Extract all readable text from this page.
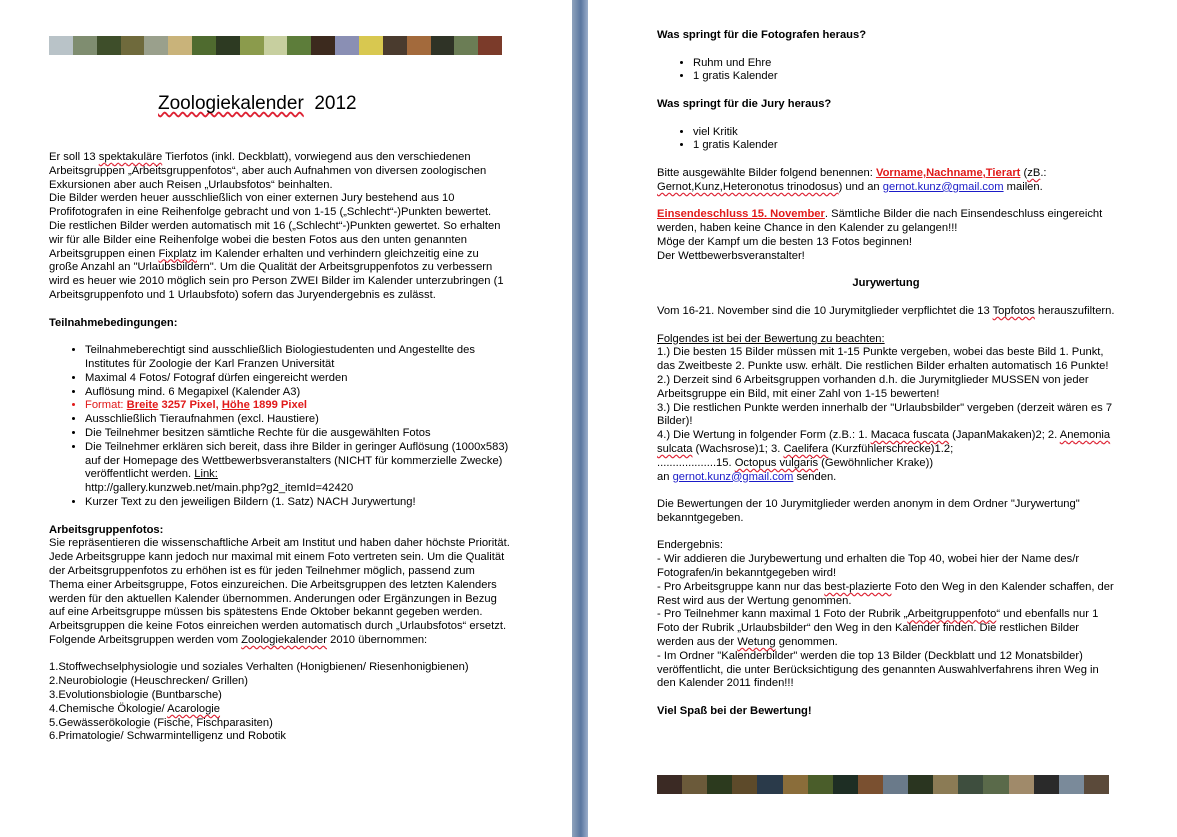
Zoologiekalender 2012

Er soll 13 spektakuläre Tierfotos (inkl. Deckblatt), vorwiegend aus den verschiedenen Arbeitsgruppen „Arbeitsgruppenfotos“, aber auch Aufnahmen von diversen zoologischen Exkursionen aber auch Reisen „Urlaubsfotos“ beinhalten.

Die Bilder werden heuer ausschließlich von einer externen Jury bestehend aus 10 Profifotografen in eine Reihenfolge gebracht und von 1-15 („Schlecht“-)Punkten bewertet. Die restlichen Bilder werden automatisch mit 16 („Schlecht“-)Punkten gewertet. So erhalten wir für alle Bilder eine Reihenfolge wobei die besten Fotos aus den unten genannten Arbeitsgruppen einen Fixplatz im Kalender erhalten und verhindern gleichzeitig eine zu große Anzahl an "Urlaubsbildern". Um die Qualität der Arbeitsgruppenfotos zu verbessern wird es heuer wie 2010 möglich sein pro Person ZWEI Bilder im Kalender unterzubringen (1 Arbeitsgruppenfoto und 1 Urlaubsfoto) sofern das Juryendergebnis es zulässt.

Teilnahmebedingungen:

• Teilnahmeberechtigt sind ausschließlich Biologiestudenten und Angestellte des Institutes für Zoologie der Karl Franzen Universität
• Maximal 4 Fotos/ Fotograf dürfen eingereicht werden
• Auflösung mind. 6 Megapixel (Kalender A3)
• Format: Breite 3257 Pixel, Höhe 1899 Pixel
• Ausschließlich Tieraufnahmen (excl. Haustiere)
• Die Teilnehmer besitzen sämtliche Rechte für die ausgewählten Fotos
• Die Teilnehmer erklären sich bereit, dass ihre Bilder in geringer Auflösung (1000x583) auf der Homepage des Wettbewerbsveranstalters (NICHT für kommerzielle Zwecke) veröffentlicht werden. Link:
http://gallery.kunzweb.net/main.php?g2_itemId=42420
• Kurzer Text zu den jeweiligen Bildern (1. Satz) NACH Jurywertung!

Arbeitsgruppenfotos:

Sie repräsentieren die wissenschaftliche Arbeit am Institut und haben daher höchste Priorität. Jede Arbeitsgruppe kann jedoch nur maximal mit einem Foto vertreten sein. Um die Qualität der Arbeitsgruppenfotos zu erhöhen ist es für jeden Teilnehmer möglich, passend zum Thema einer Arbeitsgruppe, Fotos einzureichen. Die Arbeitsgruppen des letzten Kalenders werden für den aktuellen Kalender übernommen. Anderungen oder Ergänzungen in Bezug auf eine Arbeitsgruppe müssen bis spätestens Ende Oktober bekannt gegeben werden. Arbeitsgruppen die keine Fotos einreichen werden automatisch durch „Urlaubsfotos“ ersetzt. Folgende Arbeitsgruppen werden vom Zoologiekalender 2010 übernommen:

1.Stoffwechselphysiologie und soziales Verhalten (Honigbienen/ Riesenhonigbienen)

2.Neurobiologie (Heuschrecken/ Grillen)

3.Evolutionsbiologie (Buntbarsche)

4.Chemische Ökologie/ Acarologie

5.Gewässerökologie (Fische, Fischparasiten)

6.Primatologie/ Schwarmintelligenz und Robotik

Was springt für die Fotografen heraus?

• Ruhm und Ehre
• 1 gratis Kalender

Was springt für die Jury heraus?

• viel Kritik
• 1 gratis Kalender

Bitte ausgewählte Bilder folgend benennen: Vorname,Nachname,Tierart (zB.: Gernot,Kunz,Heteronotus trinodosus) und an gernot.kunz@gmail.com mailen.

Einsendeschluss 15. November. Sämtliche Bilder die nach Einsendeschluss eingereicht werden, haben keine Chance in den Kalender zu gelangen!!!

Möge der Kampf um die besten 13 Fotos beginnen!

Der Wettbewerbsveranstalter!

Jurywertung

Vom 16-21. November sind die 10 Jurymitglieder verpflichtet die 13 Topfotos herauszufiltern.

Folgendes ist bei der Bewertung zu beachten:

1.) Die besten 15 Bilder müssen mit 1-15 Punkte vergeben, wobei das beste Bild 1. Punkt, das Zweitbeste 2. Punkte usw. erhält. Die restlichen Bilder erhalten automatisch 16 Punkte!

2.) Derzeit sind 6 Arbeitsgruppen vorhanden d.h. die Jurymitglieder MUSSEN von jeder Arbeitsgruppe ein Bild, mit einer Zahl von 1-15 bewerten!

3.) Die restlichen Punkte werden innerhalb der "Urlaubsbilder" vergeben (derzeit wären es 7 Bilder)!

4.) Die Wertung in folgender Form (z.B.: 1. Macaca fuscata (JapanMakaken)2; 2. Anemonia sulcata (Wachsrose)1; 3. Caelifera (Kurzfühlerschrecke)1.2;
...................15. Octopus vulgaris (Gewöhnlicher Krake))
an gernot.kunz@gmail.com senden.

Die Bewertungen der 10 Jurymitglieder werden anonym in dem Ordner "Jurywertung" bekanntgegeben.

Endergebnis:

- Wir addieren die Jurybewertung und erhalten die Top 40, wobei hier der Name des/r Fotografen/in bekanntgegeben wird!

- Pro Arbeitsgruppe kann nur das best-plazierte Foto den Weg in den Kalender schaffen, der Rest wird aus der Wertung genommen.

- Pro Teilnehmer kann maximal 1 Foto der Rubrik „Arbeitgruppenfoto“ und ebenfalls nur 1 Foto der Rubrik „Urlaubsbilder“ den Weg in den Kalender finden. Die restlichen Bilder werden aus der Wetung genommen.

- Im Ordner "Kalenderbilder" werden die top 13 Bilder (Deckblatt und 12 Monatsbilder) veröffentlicht, die unter Berücksichtigung des genannten Auswahlverfahrens ihren Weg in den Kalender 2011 finden!!!

Viel Spaß bei der Bewertung!
